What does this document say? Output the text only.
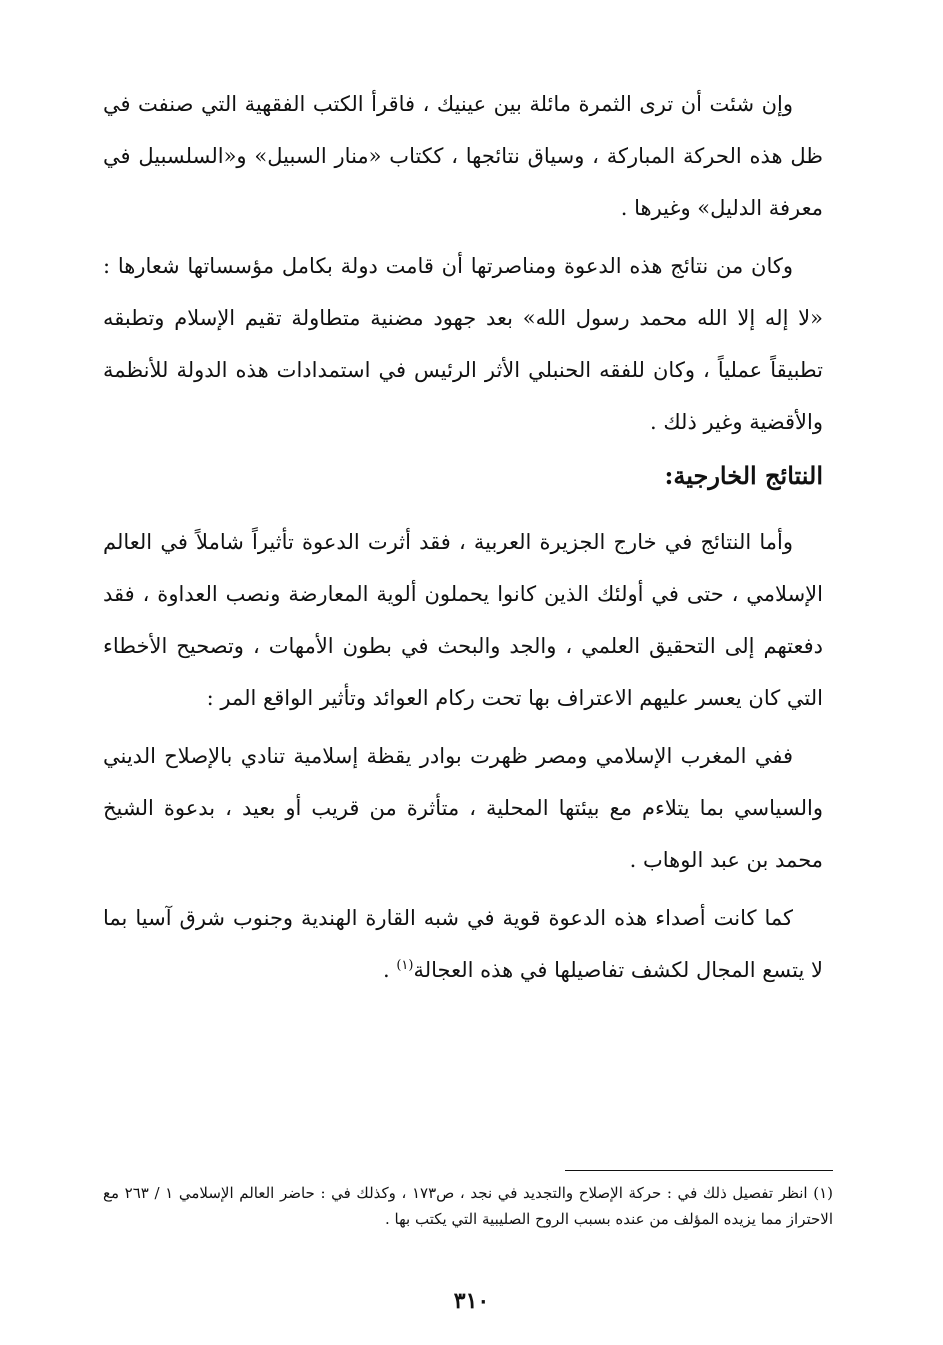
وإن شئت أن ترى الثمرة مائلة بين عينيك ، فاقرأ الكتب الفقهية التي صنفت في ظل هذه الحركة المباركة ، وسياق نتائجها ، ككتاب «منار السبيل» و«السلسبيل في معرفة الدليل» وغيرها .

وكان من نتائج هذه الدعوة ومناصرتها أن قامت دولة بكامل مؤسساتها شعارها : «لا إله إلا الله محمد رسول الله» بعد جهود مضنية متطاولة تقيم الإسلام وتطبقه تطبيقاً عملياً ، وكان للفقه الحنبلي الأثر الرئيس في استمدادات هذه الدولة للأنظمة والأقضية وغير ذلك .

النتائج الخارجية:

وأما النتائج في خارج الجزيرة العربية ، فقد أثرت الدعوة تأثيراً شاملاً في العالم الإسلامي ، حتى في أولئك الذين كانوا يحملون ألوية المعارضة ونصب العداوة ، فقد دفعتهم إلى التحقيق العلمي ، والجد والبحث في بطون الأمهات ، وتصحيح الأخطاء التي كان يعسر عليهم الاعتراف بها تحت ركام العوائد وتأثير الواقع المر :

ففي المغرب الإسلامي ومصر ظهرت بوادر يقظة إسلامية تنادي بالإصلاح الديني والسياسي بما يتلاءم مع بيئتها المحلية ، متأثرة من قريب أو بعيد ، بدعوة الشيخ محمد بن عبد الوهاب .

كما كانت أصداء هذه الدعوة قوية في شبه القارة الهندية وجنوب شرق آسيا بما لا يتسع المجال لكشف تفاصيلها في هذه العجالة$^{(١)}$ .

(١) انظر تفصيل ذلك في : حركة الإصلاح والتجديد في نجد ، ص١٧٣ ، وكذلك في : حاضر العالم الإسلامي ١ / ٢٦٣ مع الاحتراز مما يزيده المؤلف من عنده بسبب الروح الصليبية التي يكتب بها .

٣١٠
